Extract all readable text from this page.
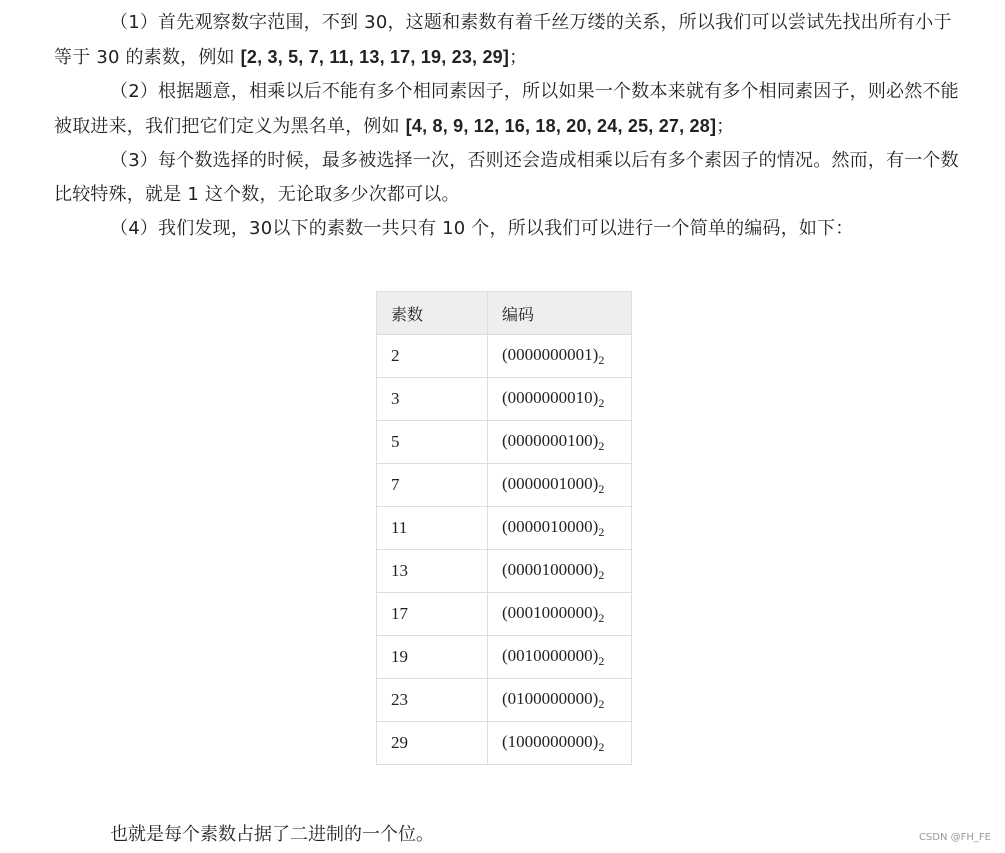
（1）首先观察数字范围，不到 30，这题和素数有着千丝万缕的关系，所以我们可以尝试先找出所有小于等于 30 的素数，例如 [2, 3, 5, 7, 11, 13, 17, 19, 23, 29]；

（2）根据题意，相乘以后不能有多个相同素因子，所以如果一个数本来就有多个相同素因子，则必然不能被取进来，我们把它们定义为黑名单，例如 [4, 8, 9, 12, 16, 18, 20, 24, 25, 27, 28]；

（3）每个数选择的时候，最多被选择一次，否则还会造成相乘以后有多个素因子的情况。然而，有一个数比较特殊，就是 1 这个数，无论取多少次都可以。

（4）我们发现，30以下的素数一共只有 10 个，所以我们可以进行一个简单的编码，如下：

素数	编码
2	$(0000000001)_2$
3	$(0000000010)_2$
5	$(0000000100)_2$
7	$(0000001000)_2$
11	$(0000010000)_2$
13	$(0000100000)_2$
17	$(0001000000)_2$
19	$(0010000000)_2$
23	$(0100000000)_2$
29	$(1000000000)_2$

也就是每个素数占据了二进制的一个位。	CSDN @FH_FE
